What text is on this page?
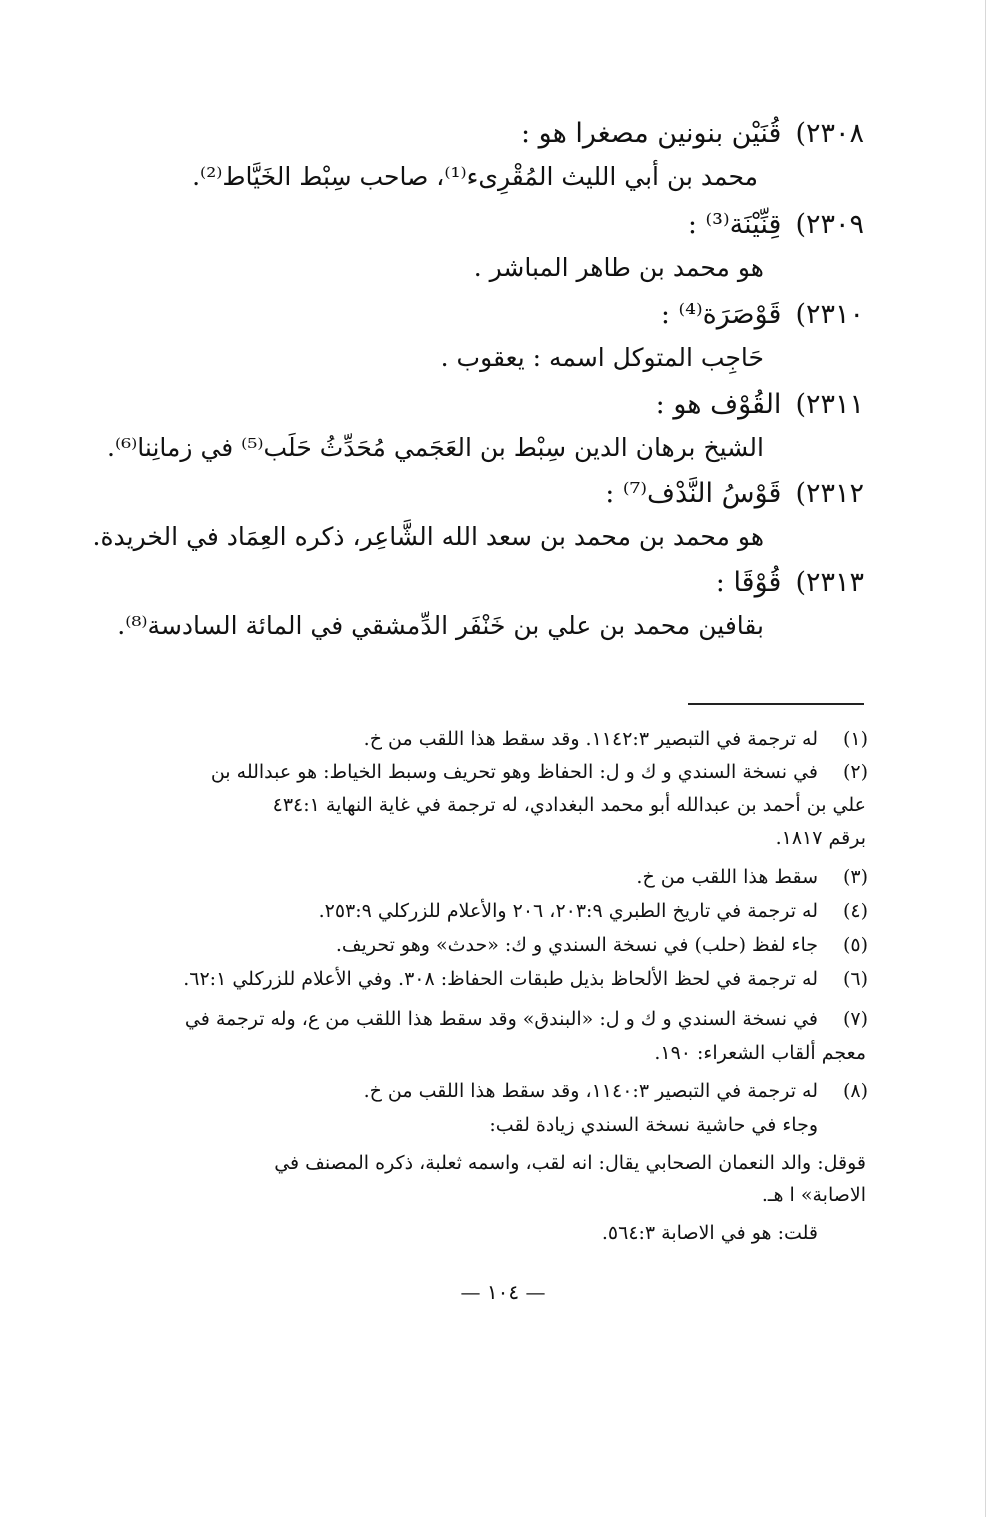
٢٣٠٨)قُنَيْن بنونين مصغرا هو :
محمد بن أبي الليث المُقْرِىء⁽¹⁾، صاحب سِبْط الخَيَّاط⁽²⁾.
٢٣٠٩)قِنِّيْنَة⁽³⁾ :
هو محمد بن طاهر المباشر .
٢٣١٠)قَوْصَرَة⁽⁴⁾ :
حَاجِب المتوكل اسمه : يعقوب .
٢٣١١)القُوْف هو :
الشيخ برهان الدين سِبْط بن العَجَمي مُحَدِّثُ حَلَب⁽⁵⁾ في زمانِنا⁽⁶⁾.
٢٣١٢)قَوْسُ النَّدْف⁽⁷⁾ :
هو محمد بن محمد بن سعد الله الشَّاعِر، ذكره العِمَاد في الخريدة.
٢٣١٣)قُوْقَا :
بقافين محمد بن علي بن خَنْفَر الدِّمشقي في المائة السادسة⁽⁸⁾.
(١)
له ترجمة في التبصير ١١٤٢:٣. وقد سقط هذا اللقب من خ.
(٢)
في نسخة السندي و ك و ل: الحفاظ وهو تحريف وسبط الخياط: هو عبدالله بن
علي بن أحمد بن عبدالله أبو محمد البغدادي، له ترجمة في غاية النهاية ٤٣٤:١
برقم ١٨١٧.
(٣)
سقط هذا اللقب من خ.
(٤)
له ترجمة في تاريخ الطبري ٢٠٣:٩، ٢٠٦ والأعلام للزركلي ٢٥٣:٩.
(٥)
جاء لفظ (حلب) في نسخة السندي و ك: «حدث» وهو تحريف.
(٦)
له ترجمة في لحظ الألحاظ بذيل طبقات الحفاظ: ٣٠٨. وفي الأعلام للزركلي ٦٢:١.
(٧)
في نسخة السندي و ك و ل: «البندق» وقد سقط هذا اللقب من ع، وله ترجمة في
معجم ألقاب الشعراء: ١٩٠.
(٨)
له ترجمة في التبصير ١١٤٠:٣، وقد سقط هذا اللقب من خ.
وجاء في حاشية نسخة السندي زيادة لقب:
قوقل: والد النعمان الصحابي يقال: انه لقب، واسمه ثعلبة، ذكره المصنف في
الاصابة» ا هـ.
قلت: هو في الاصابة ٥٦٤:٣.
— ١٠٤ —
